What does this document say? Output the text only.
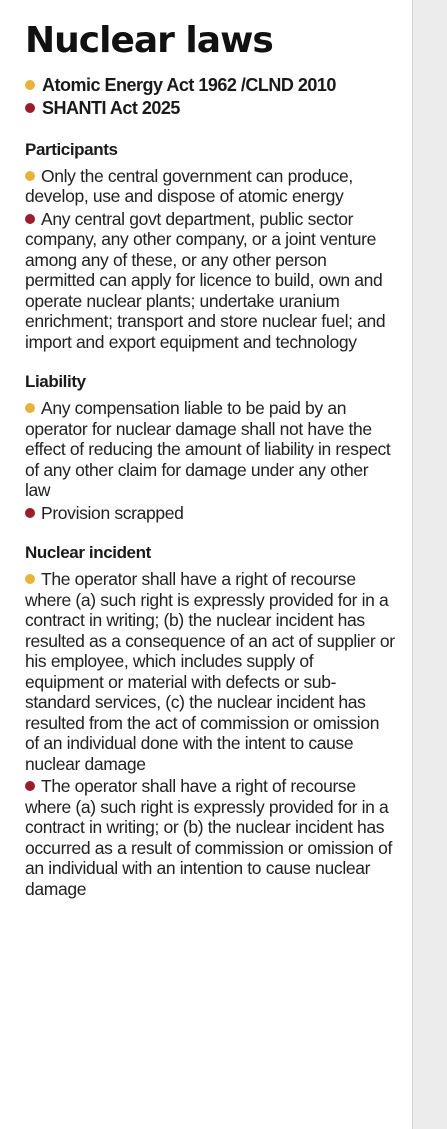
Nuclear laws
Atomic Energy Act 1962 /CLND 2010
SHANTI Act 2025
Participants
Only the central government can produce, develop, use and dispose of atomic energy
Any central govt department, public sector company, any other company, or a joint venture among any of these, or any other person permitted can apply for licence to build, own and operate nuclear plants; undertake uranium enrichment; transport and store nuclear fuel; and import and export equipment and technology
Liability
Any compensation liable to be paid by an operator for nuclear damage shall not have the effect of reducing the amount of liability in respect of any other claim for damage under any other law
Provision scrapped
Nuclear incident
The operator shall have a right of recourse where (a) such right is expressly provided for in a contract in writing; (b) the nuclear incident has resulted as a consequence of an act of supplier or his employee, which includes supply of equipment or material with defects or sub-standard services, (c) the nuclear incident has resulted from the act of commission or omission of an individual done with the intent to cause nuclear damage
The operator shall have a right of recourse where (a) such right is expressly provided for in a contract in writing; or (b) the nuclear incident has occurred as a result of commission or omission of an individual with an intention to cause nuclear damage
